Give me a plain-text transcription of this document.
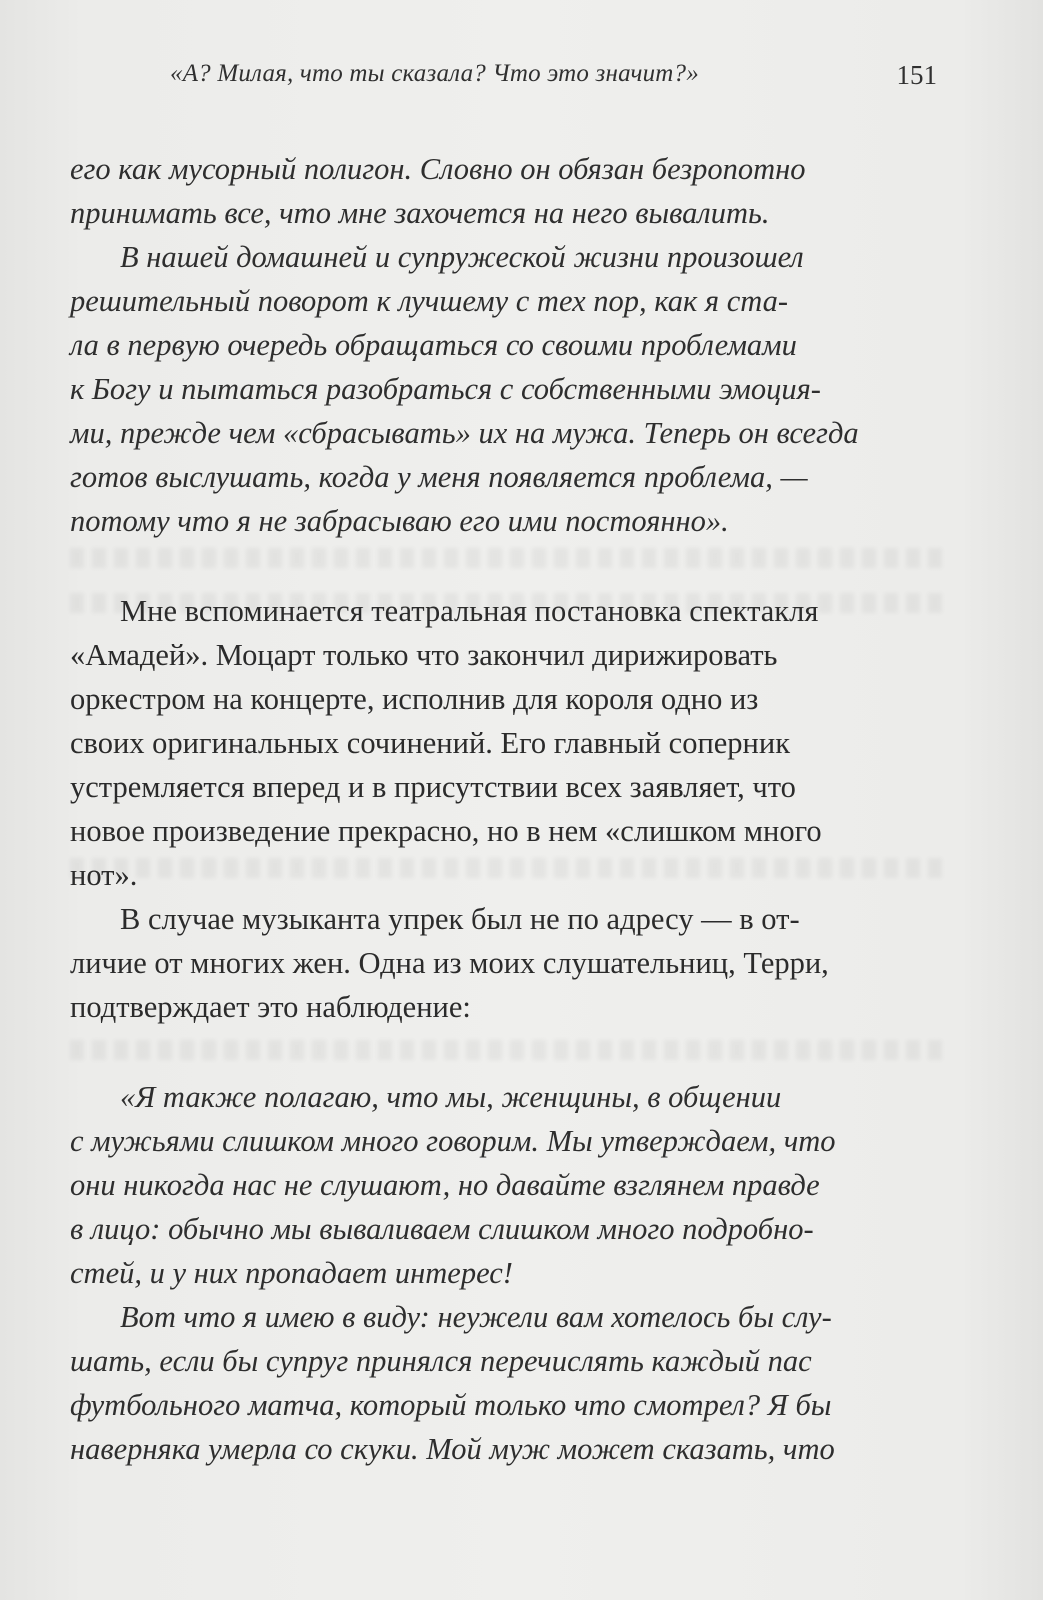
«А? Милая, что ты сказала? Что это значит?»	151
его как мусорный полигон. Словно он обязан безропотно
принимать все, что мне захочется на него вывалить.
В нашей домашней и супружеской жизни произошел
решительный поворот к лучшему с тех пор, как я ста-
ла в первую очередь обращаться со своими проблемами
к Богу и пытаться разобраться с собственными эмоция-
ми, прежде чем «сбрасывать» их на мужа. Теперь он всегда
готов выслушать, когда у меня появляется проблема, —
потому что я не забрасываю его ими постоянно».
Мне вспоминается театральная постановка спектакля
«Амадей». Моцарт только что закончил дирижировать
оркестром на концерте, исполнив для короля одно из
своих оригинальных сочинений. Его главный соперник
устремляется вперед и в присутствии всех заявляет, что
новое произведение прекрасно, но в нем «слишком много
нот».
В случае музыканта упрек был не по адресу — в от-
личие от многих жен. Одна из моих слушательниц, Терри,
подтверждает это наблюдение:
«Я также полагаю, что мы, женщины, в общении
с мужьями слишком много говорим. Мы утверждаем, что
они никогда нас не слушают, но давайте взглянем правде
в лицо: обычно мы вываливаем слишком много подробно-
стей, и у них пропадает интерес!
Вот что я имею в виду: неужели вам хотелось бы слу-
шать, если бы супруг принялся перечислять каждый пас
футбольного матча, который только что смотрел? Я бы
наверняка умерла со скуки. Мой муж может сказать, что
